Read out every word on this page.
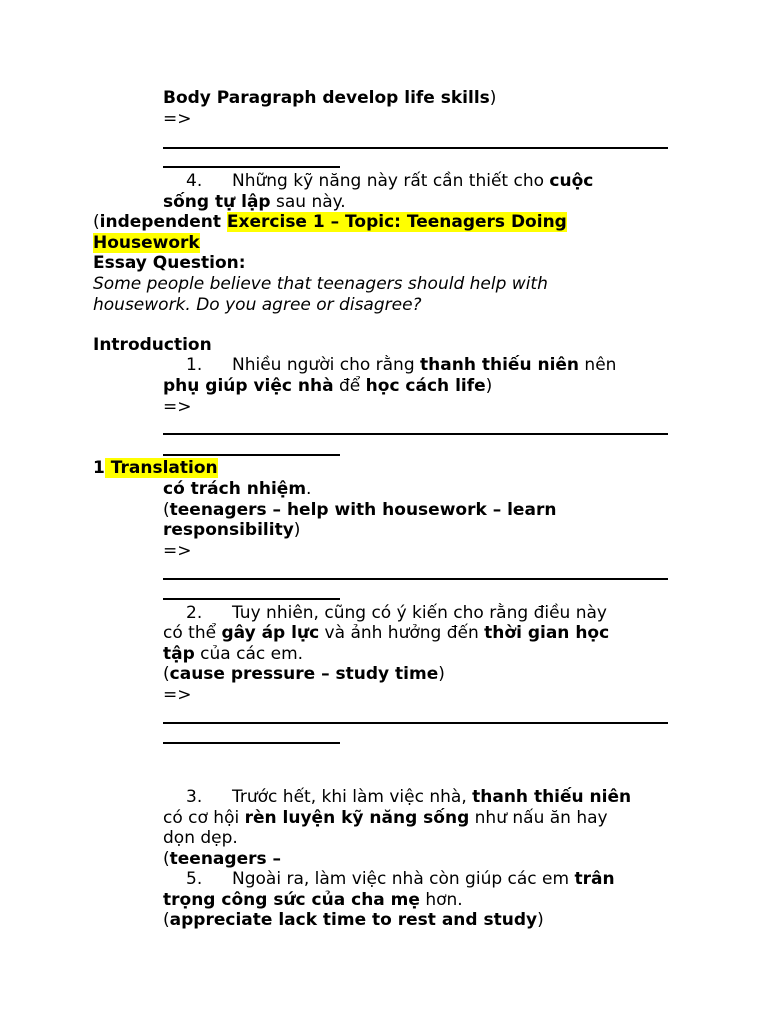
Body Paragraph develop life skills)
=>
4. Những kỹ năng này rất cần thiết cho cuộc
sống tự lập sau này.
(independent Exercise 1 – Topic: Teenagers Doing
Housework
Essay Question:
Some people believe that teenagers should help with
housework. Do you agree or disagree?
Introduction
1. Nhiều người cho rằng thanh thiếu niên nên
phụ giúp việc nhà để học cách life)
=>
1 Translation
có trách nhiệm.
(teenagers – help with housework – learn
responsibility)
=>
2. Tuy nhiên, cũng có ý kiến cho rằng điều này
có thể gây áp lực và ảnh hưởng đến thời gian học
tập của các em.
(cause pressure – study time)
=>
3. Trước hết, khi làm việc nhà, thanh thiếu niên
có cơ hội rèn luyện kỹ năng sống như nấu ăn hay
dọn dẹp.
(teenagers –
5. Ngoài ra, làm việc nhà còn giúp các em trân
trọng công sức của cha mẹ hơn.
(appreciate lack time to rest and study)
